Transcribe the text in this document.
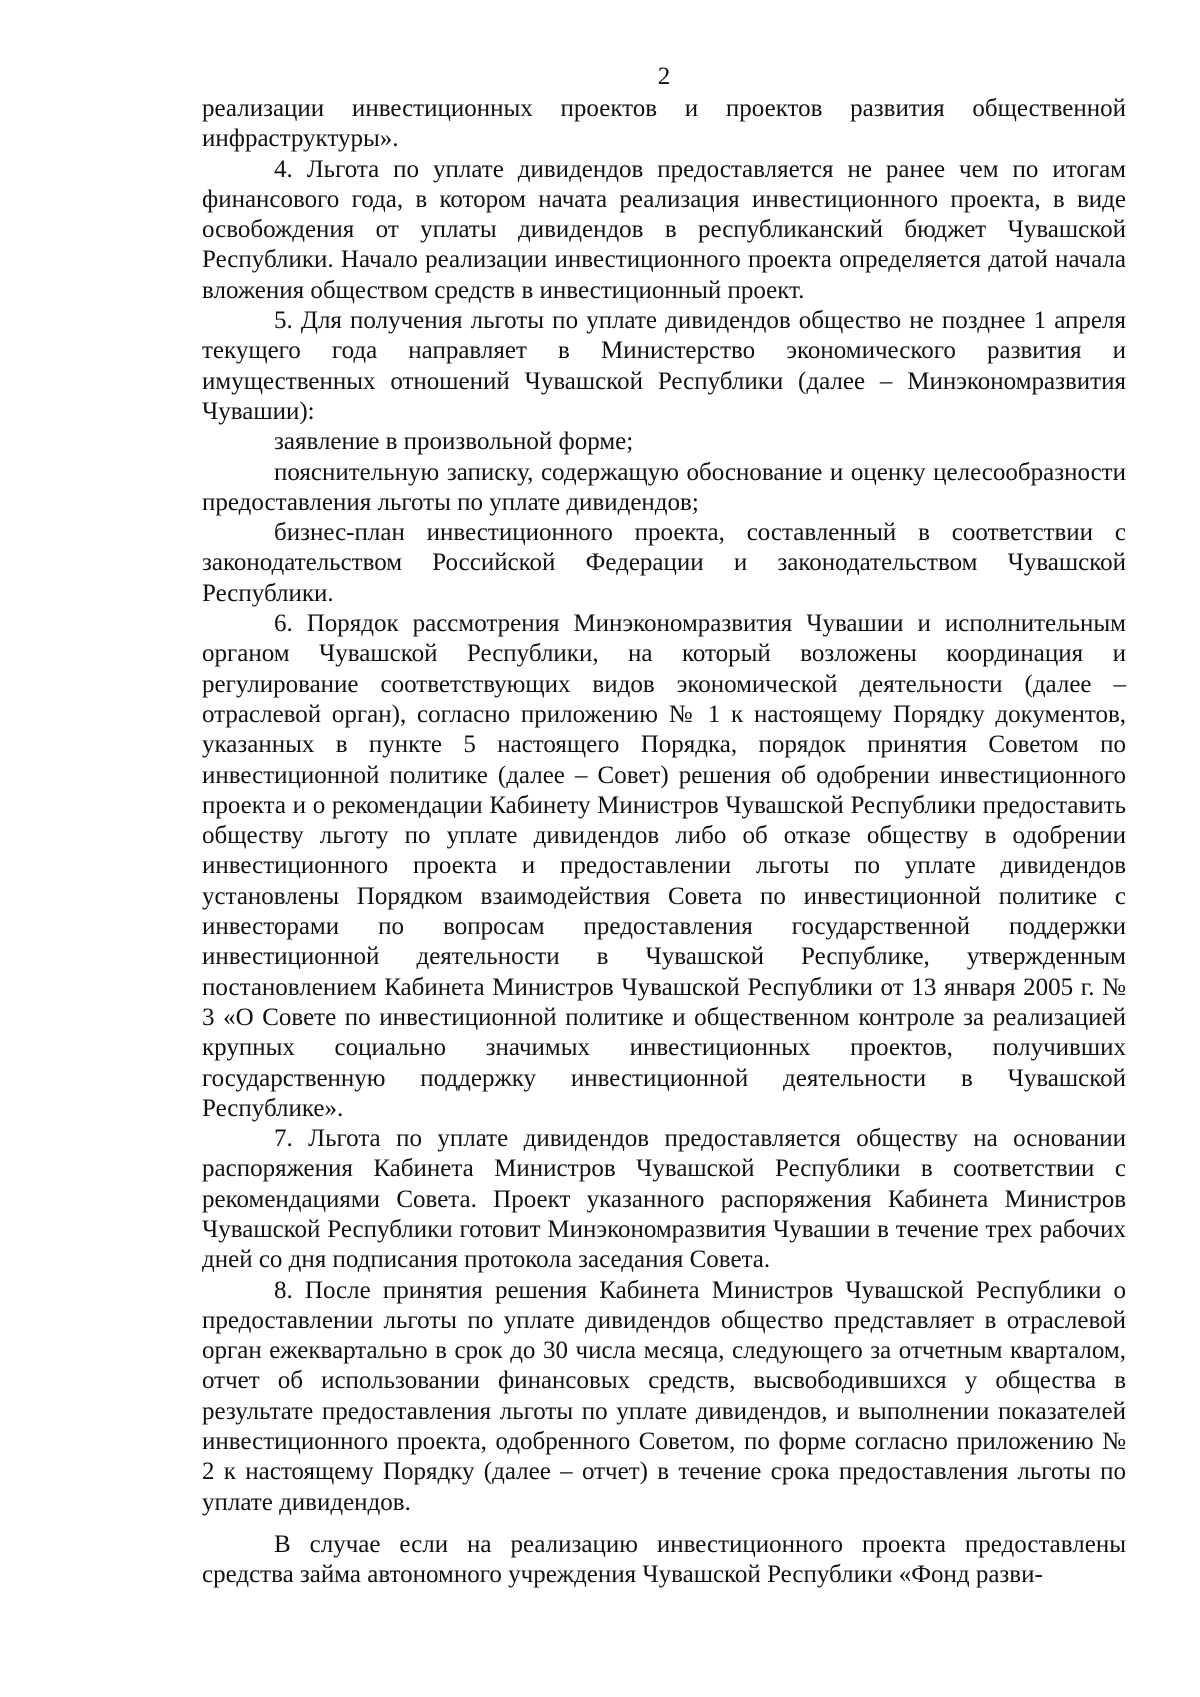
2

реализации инвестиционных проектов и проектов развития общественной инфраструктуры».

4. Льгота по уплате дивидендов предоставляется не ранее чем по итогам финансового года, в котором начата реализация инвестиционного проекта, в виде освобождения от уплаты дивидендов в республиканский бюджет Чувашской Республики. Начало реализации инвестиционного проекта определяется датой начала вложения обществом средств в инвестиционный проект.

5. Для получения льготы по уплате дивидендов общество не позднее 1 апреля текущего года направляет в Министерство экономического развития и имущественных отношений Чувашской Республики (далее – Минэкономразвития Чувашии):

заявление в произвольной форме;

пояснительную записку, содержащую обоснование и оценку целесообразности предоставления льготы по уплате дивидендов;

бизнес-план инвестиционного проекта, составленный в соответствии с законодательством Российской Федерации и законодательством Чувашской Республики.

6. Порядок рассмотрения Минэкономразвития Чувашии и исполнительным органом Чувашской Республики, на который возложены координация и регулирование соответствующих видов экономической деятельности (далее – отраслевой орган), согласно приложению № 1 к настоящему Порядку документов, указанных в пункте 5 настоящего Порядка, порядок принятия Советом по инвестиционной политике (далее – Совет) решения об одобрении инвестиционного проекта и о рекомендации Кабинету Министров Чувашской Республики предоставить обществу льготу по уплате дивидендов либо об отказе обществу в одобрении инвестиционного проекта и предоставлении льготы по уплате дивидендов установлены Порядком взаимодействия Совета по инвестиционной политике с инвесторами по вопросам предоставления государственной поддержки инвестиционной деятельности в Чувашской Республике, утвержденным постановлением Кабинета Министров Чувашской Республики от 13 января 2005 г. № 3 «О Совете по инвестиционной политике и общественном контроле за реализацией крупных социально значимых инвестиционных проектов, получивших государственную поддержку инвестиционной деятельности в Чувашской Республике».

7. Льгота по уплате дивидендов предоставляется обществу на основании распоряжения Кабинета Министров Чувашской Республики в соответствии с рекомендациями Совета. Проект указанного распоряжения Кабинета Министров Чувашской Республики готовит Минэкономразвития Чувашии в течение трех рабочих дней со дня подписания протокола заседания Совета.

8. После принятия решения Кабинета Министров Чувашской Республики о предоставлении льготы по уплате дивидендов общество представляет в отраслевой орган ежеквартально в срок до 30 числа месяца, следующего за отчетным кварталом, отчет об использовании финансовых средств, высвободившихся у общества в результате предоставления льготы по уплате дивидендов, и выполнении показателей инвестиционного проекта, одобренного Советом, по форме согласно приложению № 2 к настоящему Порядку (далее – отчет) в течение срока предоставления льготы по уплате дивидендов.

В случае если на реализацию инвестиционного проекта предоставлены средства займа автономного учреждения Чувашской Республики «Фонд разви-
